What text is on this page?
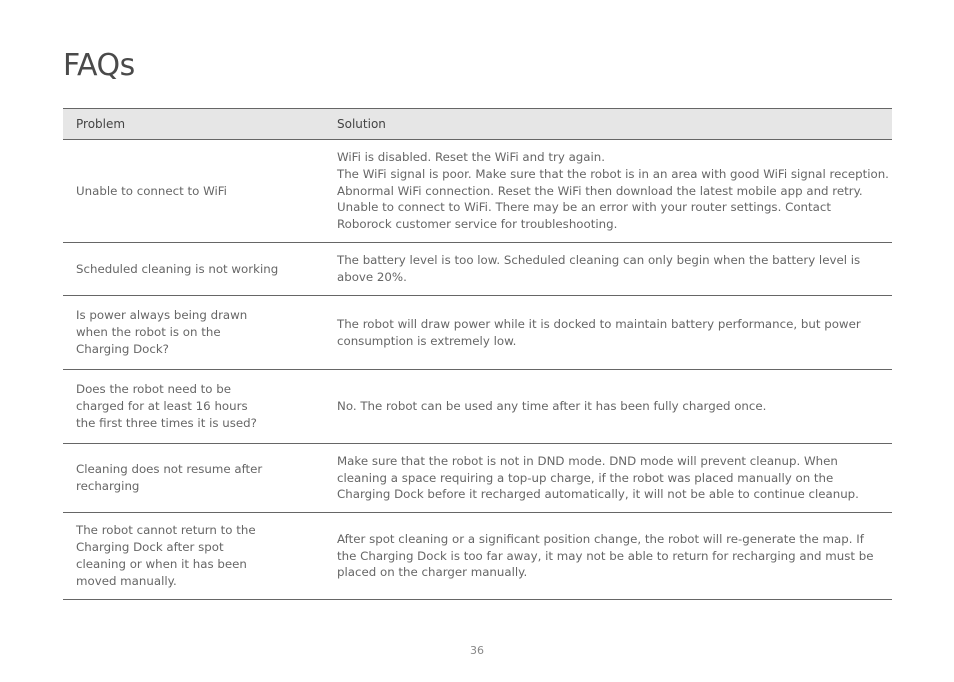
FAQs
Problem	Solution
Unable to connect to WiFi
WiFi is disabled. Reset the WiFi and try again.
The WiFi signal is poor. Make sure that the robot is in an area with good WiFi signal reception.
Abnormal WiFi connection. Reset the WiFi then download the latest mobile app and retry.
Unable to connect to WiFi. There may be an error with your router settings. Contact
Roborock customer service for troubleshooting.
Scheduled cleaning is not working
The battery level is too low. Scheduled cleaning can only begin when the battery level is
above 20%.
Is power always being drawn
when the robot is on the
Charging Dock?
The robot will draw power while it is docked to maintain battery performance, but power
consumption is extremely low.
Does the robot need to be
charged for at least 16 hours
the first three times it is used?
No. The robot can be used any time after it has been fully charged once.
Cleaning does not resume after
recharging
Make sure that the robot is not in DND mode. DND mode will prevent cleanup. When
cleaning a space requiring a top-up charge, if the robot was placed manually on the
Charging Dock before it recharged automatically, it will not be able to continue cleanup.
The robot cannot return to the
Charging Dock after spot
cleaning or when it has been
moved manually.
After spot cleaning or a significant position change, the robot will re-generate the map. If
the Charging Dock is too far away, it may not be able to return for recharging and must be
placed on the charger manually.
36
